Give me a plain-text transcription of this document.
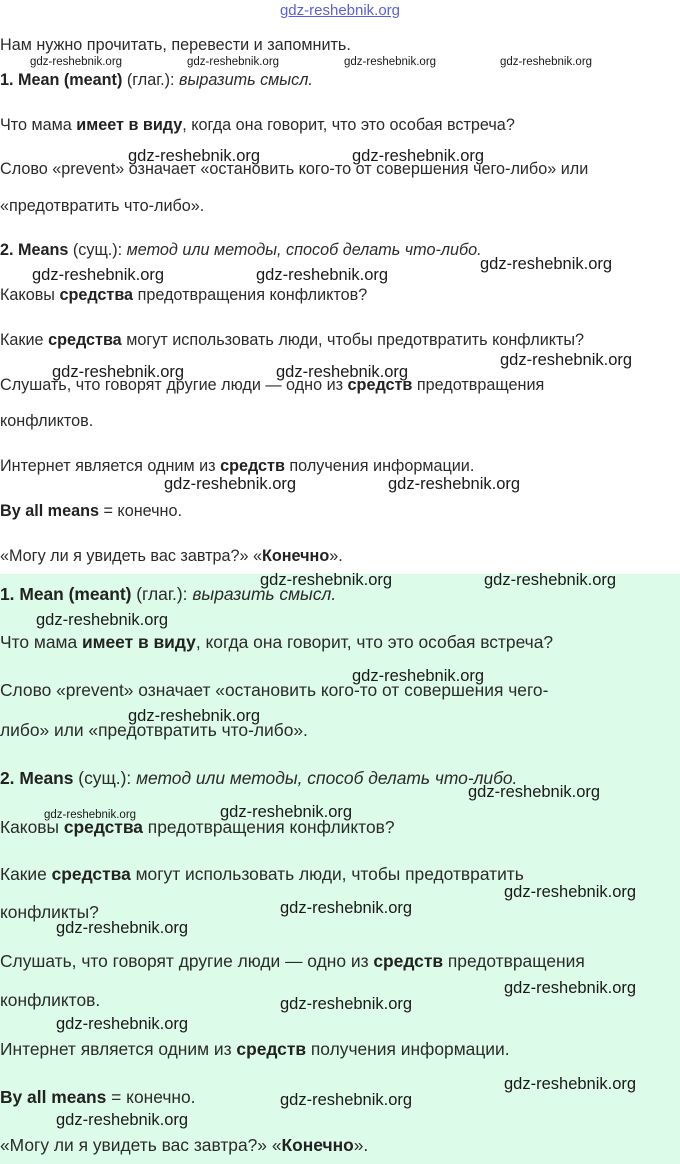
gdz-reshebnik.org
Нам нужно прочитать, перевести и запомнить.
1. Mean (meant) (глаг.): выразить смысл.
Что мама имеет в виду, когда она говорит, что это особая встреча?
Слово «prevent» означает «остановить кого-то от совершения чего-либо» или
«предотвратить что-либо».
2. Means (сущ.): метод или методы, способ делать что-либо.
Каковы средства предотвращения конфликтов?
Какие средства могут использовать люди, чтобы предотвратить конфликты?
Слушать, что говорят другие люди — одно из средств предотвращения
конфликтов.
Интернет является одним из средств получения информации.
By all means = конечно.
«Могу ли я увидеть вас завтра?» «Конечно».
gdz-reshebnik.org	gdz-reshebnik.org	gdz-reshebnik.org	gdz-reshebnik.org
gdz-reshebnik.org	gdz-reshebnik.org
gdz-reshebnik.org
gdz-reshebnik.org	gdz-reshebnik.org
gdz-reshebnik.org
gdz-reshebnik.org	gdz-reshebnik.org
gdz-reshebnik.org	gdz-reshebnik.org
1. Mean (meant) (глаг.): выразить смысл.
Что мама имеет в виду, когда она говорит, что это особая встреча?
Слово «prevent» означает «остановить кого-то от совершения чего-
либо» или «предотвратить что-либо».
2. Means (сущ.): метод или методы, способ делать что-либо.
Каковы средства предотвращения конфликтов?
Какие средства могут использовать люди, чтобы предотвратить
конфликты?
Слушать, что говорят другие люди — одно из средств предотвращения
конфликтов.
Интернет является одним из средств получения информации.
By all means = конечно.
«Могу ли я увидеть вас завтра?» «Конечно».
gdz-reshebnik.org	gdz-reshebnik.org
gdz-reshebnik.org
gdz-reshebnik.org
gdz-reshebnik.org
gdz-reshebnik.org
gdz-reshebnik.org	gdz-reshebnik.org
gdz-reshebnik.org
gdz-reshebnik.org
gdz-reshebnik.org
gdz-reshebnik.org
gdz-reshebnik.org
gdz-reshebnik.org
gdz-reshebnik.org
gdz-reshebnik.org
gdz-reshebnik.org
